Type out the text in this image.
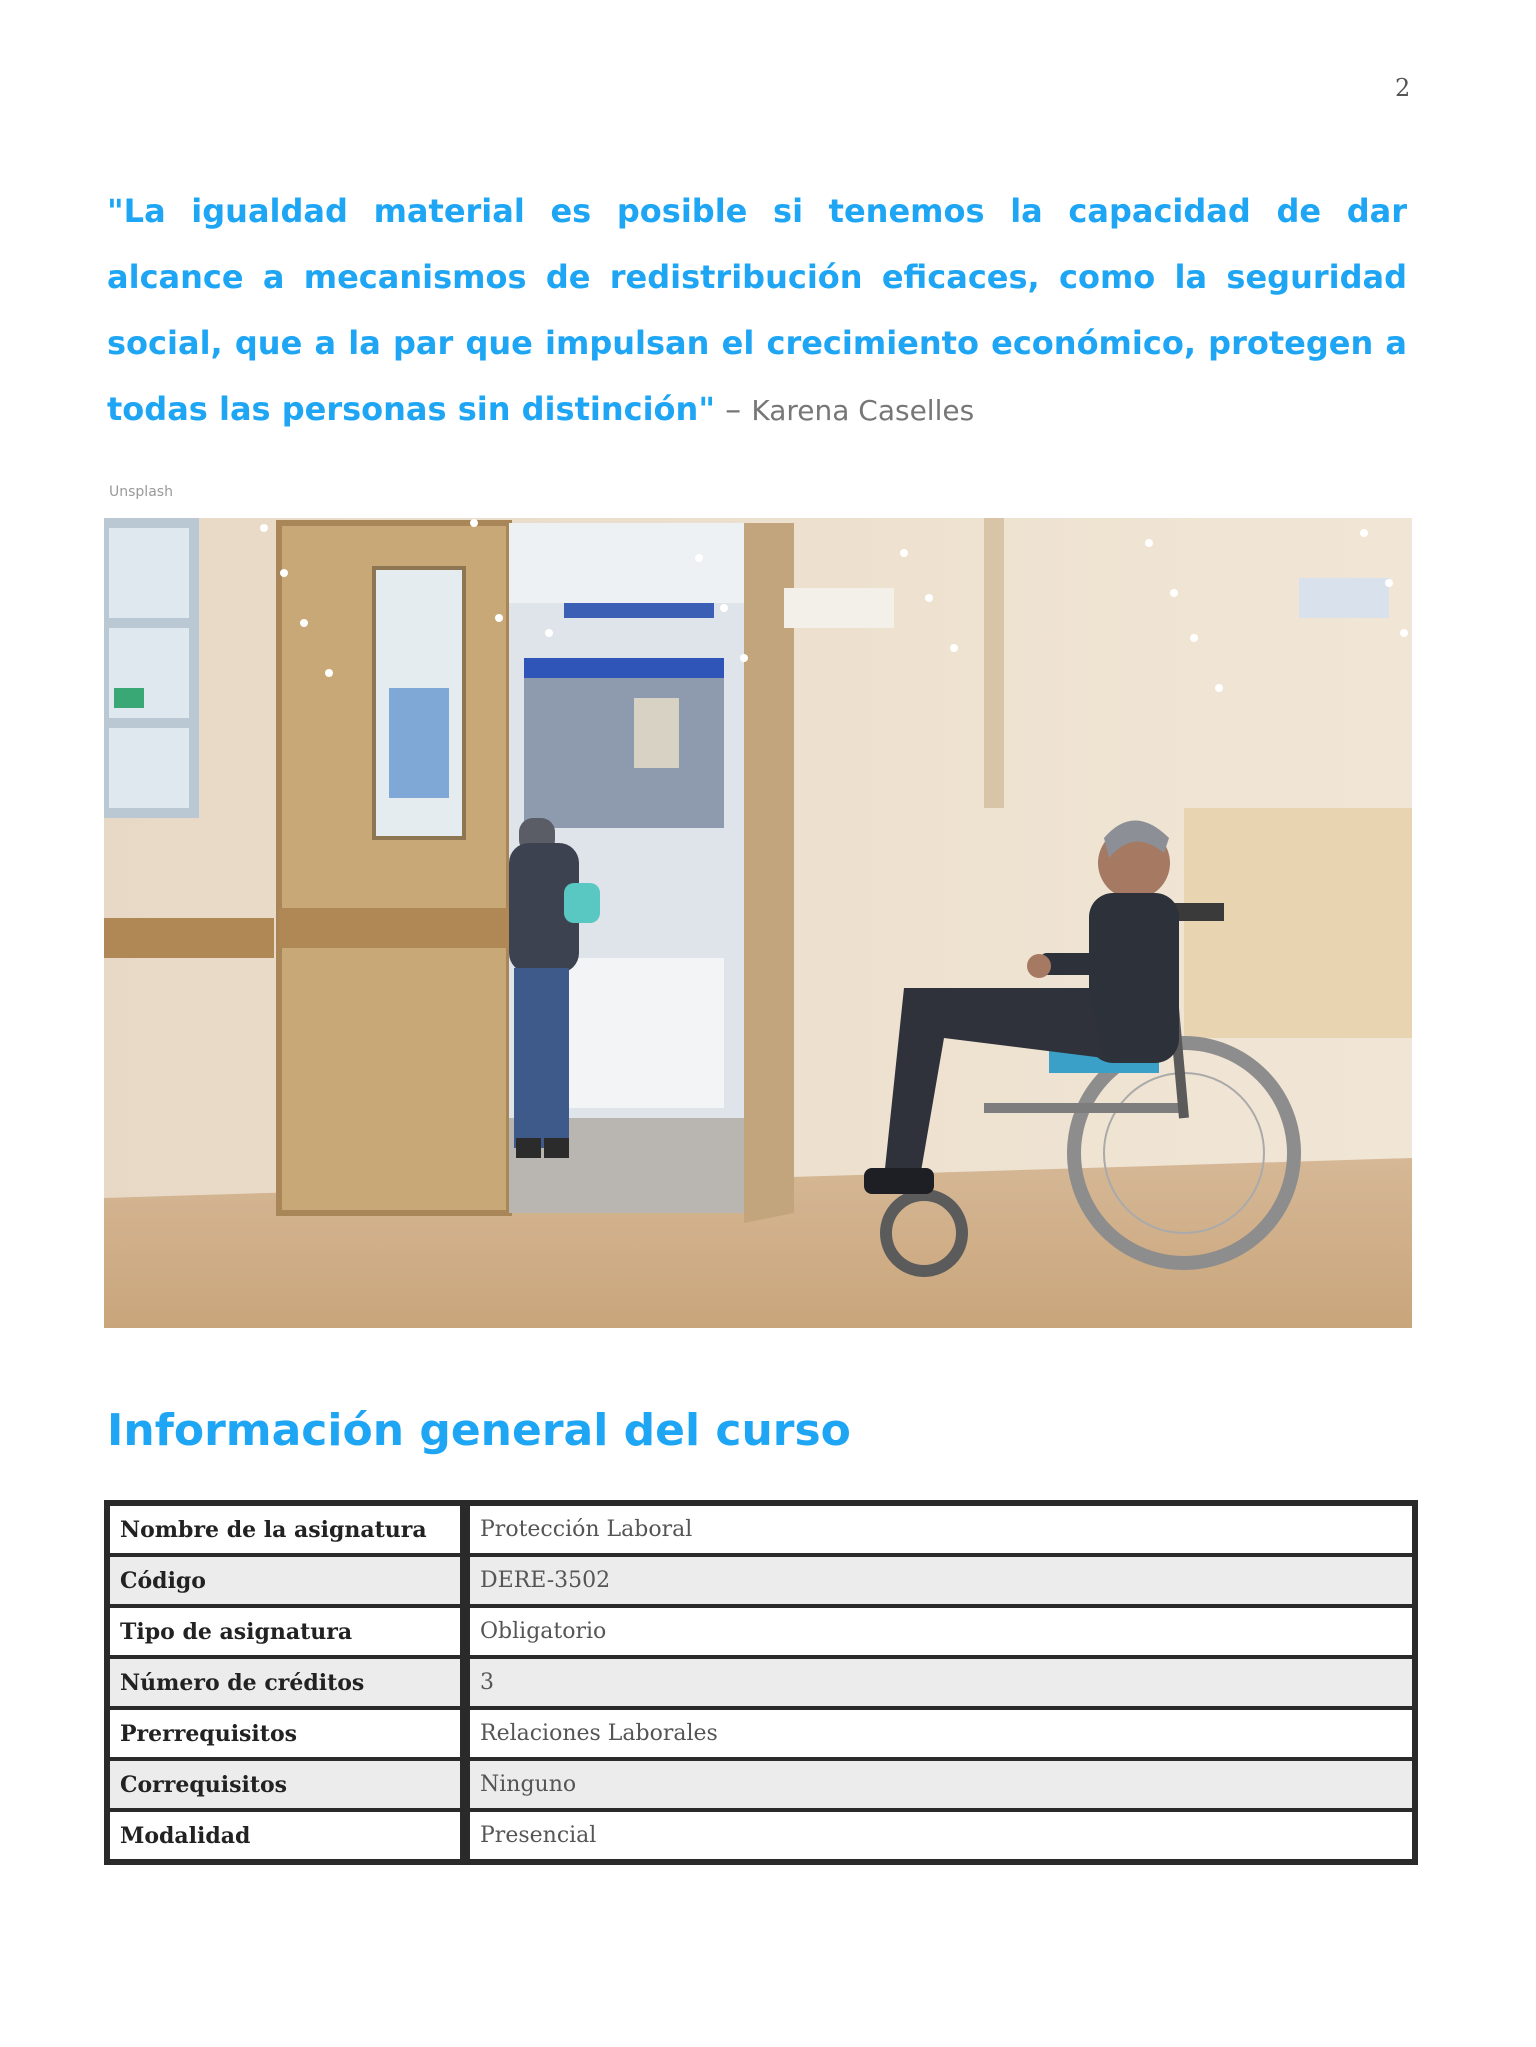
2

"La igualdad material es posible si tenemos la capacidad de dar alcance a mecanismos de redistribución eficaces, como la seguridad social, que a la par que impulsan el crecimiento económico, protegen a todas las personas sin distinción" – Karena Caselles

Unsplash
Información general del curso
Nombre de la asignatura	Protección Laboral
Código	DERE-3502
Tipo de asignatura	Obligatorio
Número de créditos	3
Prerrequisitos	Relaciones Laborales
Correquisitos	Ninguno
Modalidad	Presencial
